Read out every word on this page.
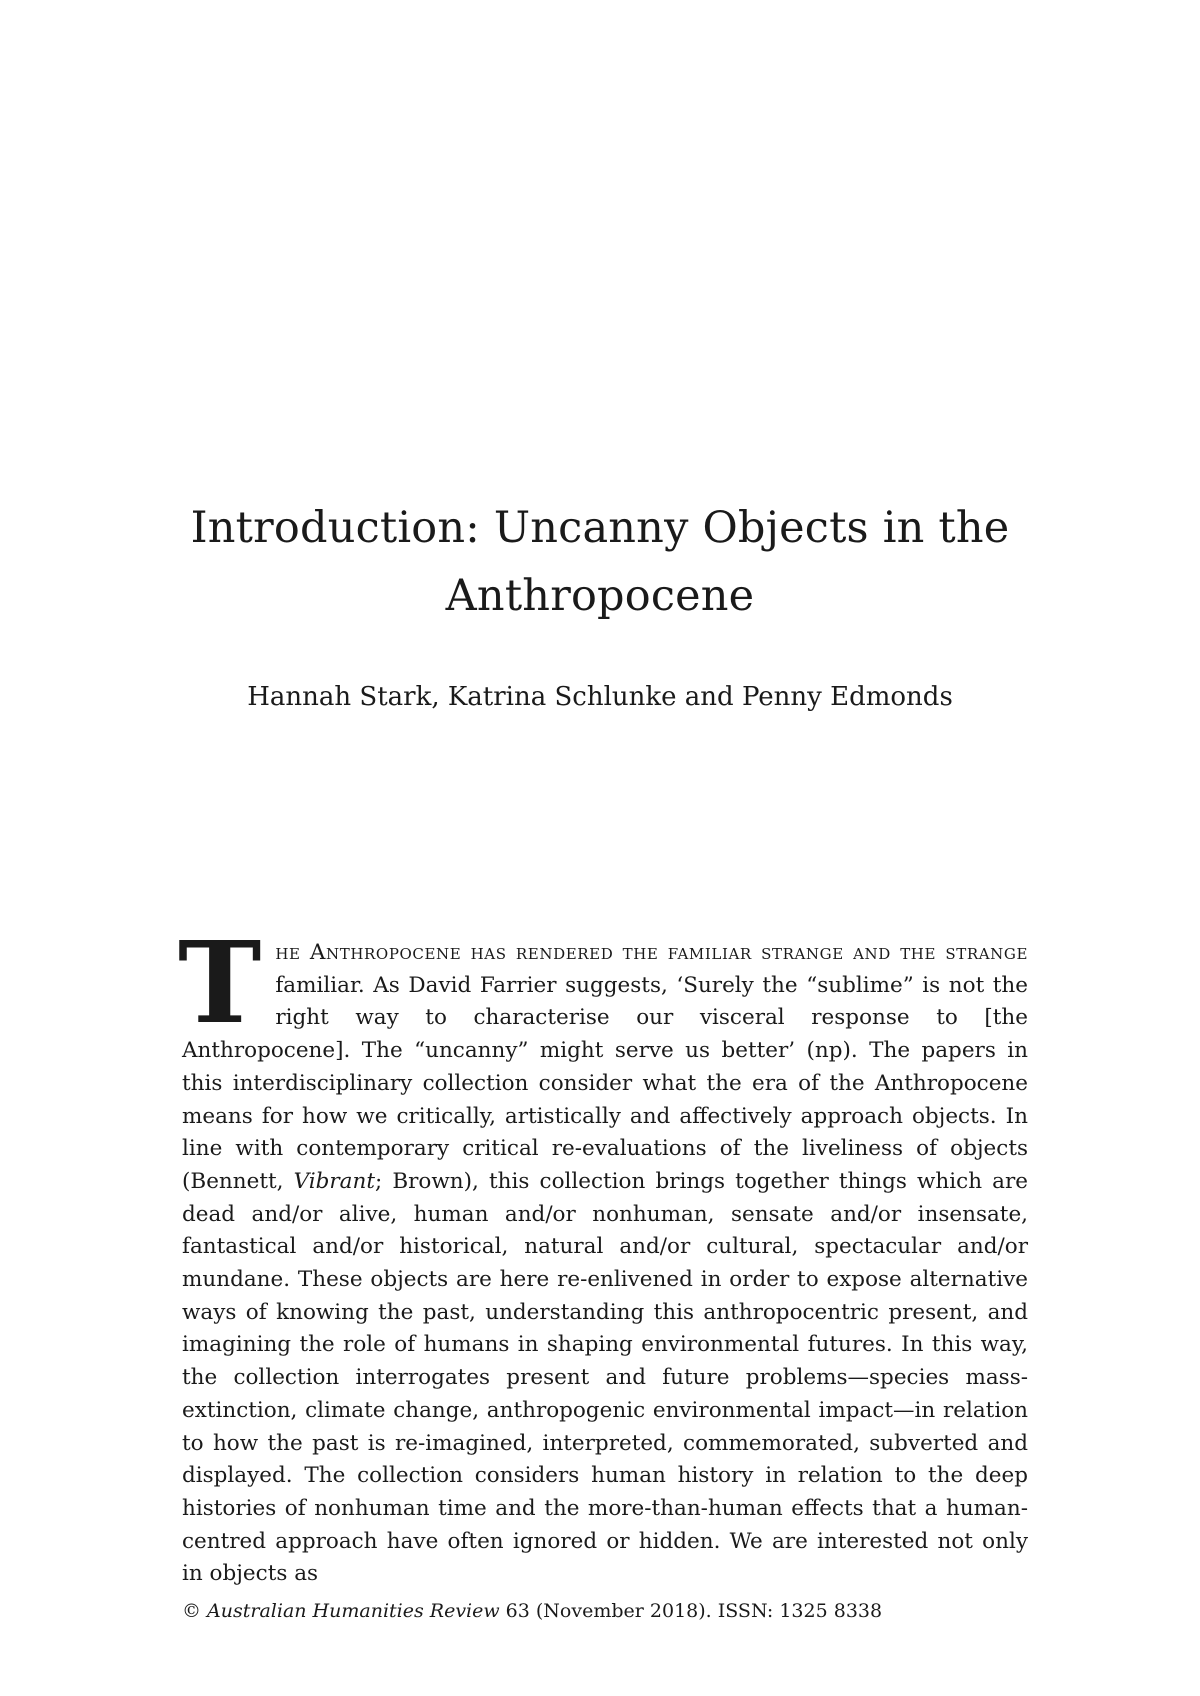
Introduction: Uncanny Objects in the
Anthropocene
Hannah Stark, Katrina Schlunke and Penny Edmonds

The Anthropocene has rendered the familiar strange and the strange familiar. As David Farrier suggests, ‘Surely the “sublime” is not the right way to characterise our visceral response to [the Anthropocene]. The “uncanny” might serve us better’ (np). The papers in this interdisciplinary collection consider what the era of the Anthropocene means for how we critically, artistically and affectively approach objects. In line with contemporary critical re-evaluations of the liveliness of objects (Bennett, Vibrant; Brown), this collection brings together things which are dead and/or alive, human and/or nonhuman, sensate and/or insensate, fantastical and/or historical, natural and/or cultural, spectacular and/or mundane. These objects are here re-enlivened in order to expose alternative ways of knowing the past, understanding this anthropocentric present, and imagining the role of humans in shaping environmental futures. In this way, the collection interrogates present and future problems—species mass-extinction, climate change, anthropogenic environmental impact—in relation to how the past is re-imagined, interpreted, commemorated, subverted and displayed. The collection considers human history in relation to the deep histories of nonhuman time and the more-than-human effects that a human-centred approach have often ignored or hidden. We are interested not only in objects as

© Australian Humanities Review 63 (November 2018). ISSN: 1325 8338
